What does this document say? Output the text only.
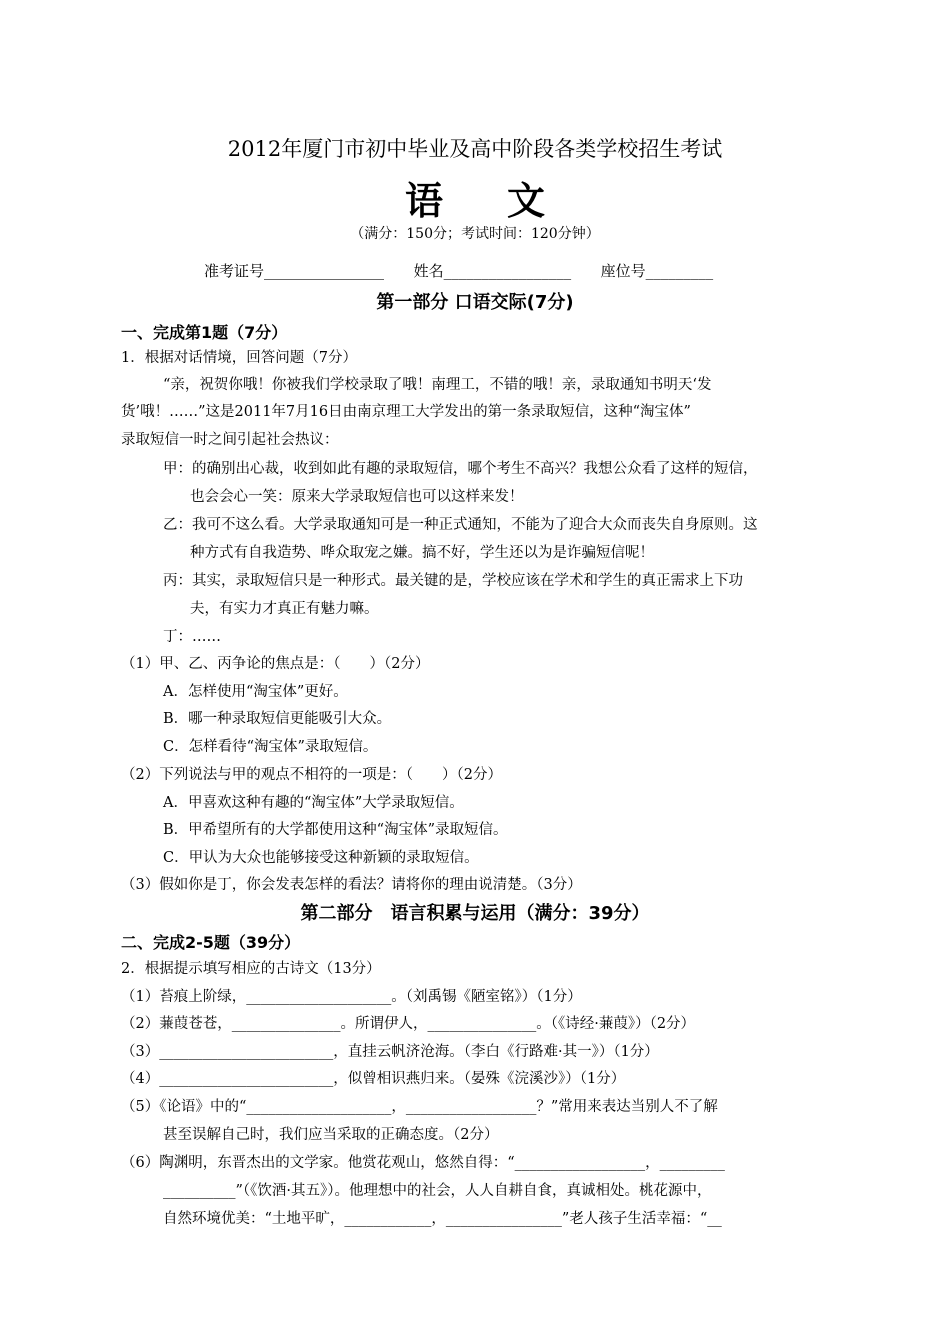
2012年厦门市初中毕业及高中阶段各类学校招生考试
语文
（满分：150分；考试时间：120分钟）
准考证号________________ 姓名_________________ 座位号_________
第一部分 口语交际(7分)
一、完成第1题（7分）
1．根据对话情境，回答问题（7分）
“亲，祝贺你哦！你被我们学校录取了哦！南理工，不错的哦！亲，录取通知书明天‘发
货’哦！……”这是2011年7月16日由南京理工大学发出的第一条录取短信，这种“淘宝体”
录取短信一时之间引起社会热议：
甲：的确别出心裁，收到如此有趣的录取短信，哪个考生不高兴？我想公众看了这样的短信，
也会会心一笑：原来大学录取短信也可以这样来发！
乙：我可不这么看。大学录取通知可是一种正式通知，不能为了迎合大众而丧失自身原则。这
种方式有自我造势、哗众取宠之嫌。搞不好，学生还以为是诈骗短信呢！
丙：其实，录取短信只是一种形式。最关键的是，学校应该在学术和学生的真正需求上下功
夫，有实力才真正有魅力嘛。
丁：……
（1）甲、乙、丙争论的焦点是：（　　）（2分）
A．怎样使用“淘宝体”更好。
B．哪一种录取短信更能吸引大众。
C．怎样看待“淘宝体”录取短信。
（2）下列说法与甲的观点不相符的一项是：（　　）（2分）
A．甲喜欢这种有趣的“淘宝体”大学录取短信。
B．甲希望所有的大学都使用这种“淘宝体”录取短信。
C．甲认为大众也能够接受这种新颖的录取短信。
（3）假如你是丁，你会发表怎样的看法？请将你的理由说清楚。（3分）
第二部分　语言积累与运用（满分：39分）
二、完成2-5题（39分）
2．根据提示填写相应的古诗文（13分）
（1）苔痕上阶绿，____________________。（刘禹锡《陋室铭》）（1分）
（2）蒹葭苍苍，_______________。所谓伊人，_______________。（《诗经·蒹葭》）（2分）
（3）________________________，直挂云帆济沧海。（李白《行路难·其一》）（1分）
（4）________________________，似曾相识燕归来。（晏殊《浣溪沙》）（1分）
（5）《论语》中的“____________________，__________________？”常用来表达当别人不了解
甚至误解自己时，我们应当采取的正确态度。（2分）
（6）陶渊明，东晋杰出的文学家。他赏花观山，悠然自得：“__________________，_________
__________”（《饮酒·其五》）。他理想中的社会，人人自耕自食，真诚相处。桃花源中，
自然环境优美：“土地平旷，____________，________________”老人孩子生活幸福：“__
